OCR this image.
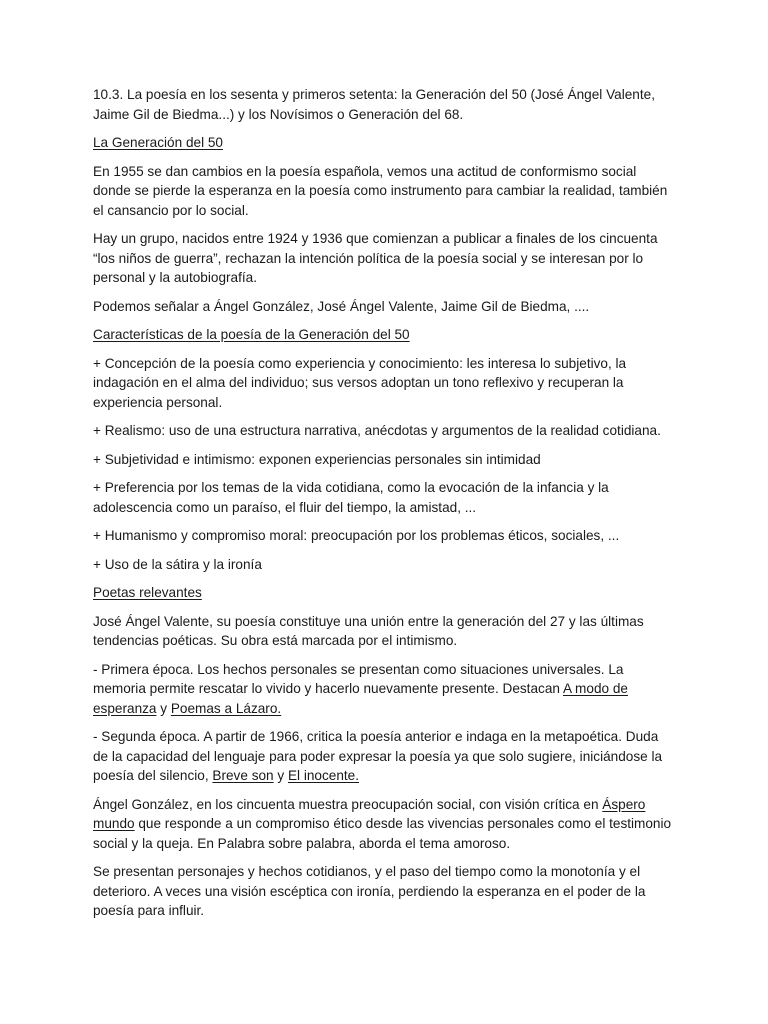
10.3. La poesía en los sesenta y primeros setenta: la Generación del 50 (José Ángel Valente, Jaime Gil de Biedma...) y los Novísimos o Generación del 68.

La Generación del 50

En 1955 se dan cambios en la poesía española, vemos una actitud de conformismo social donde se pierde la esperanza en la poesía como instrumento para cambiar la realidad, también el cansancio por lo social.

Hay un grupo, nacidos entre 1924 y 1936 que comienzan a publicar a finales de los cincuenta “los niños de guerra”, rechazan la intención política de la poesía social y se interesan por lo personal y la autobiografía.

Podemos señalar a Ángel González, José Ángel Valente, Jaime Gil de Biedma, ....

Características de la poesía de la Generación del 50

+ Concepción de la poesía como experiencia y conocimiento: les interesa lo subjetivo, la indagación en el alma del individuo; sus versos adoptan un tono reflexivo y recuperan la experiencia personal.

+ Realismo: uso de una estructura narrativa, anécdotas y argumentos de la realidad cotidiana.

+ Subjetividad e intimismo: exponen experiencias personales sin intimidad

+ Preferencia por los temas de la vida cotidiana, como la evocación de la infancia y la adolescencia como un paraíso, el fluir del tiempo, la amistad, ...

+ Humanismo y compromiso moral: preocupación por los problemas éticos, sociales, ...

+ Uso de la sátira y la ironía

Poetas relevantes

José Ángel Valente, su poesía constituye una unión entre la generación del 27 y las últimas tendencias poéticas. Su obra está marcada por el intimismo.

- Primera época. Los hechos personales se presentan como situaciones universales. La memoria permite rescatar lo vivido y hacerlo nuevamente presente. Destacan A modo de esperanza y Poemas a Lázaro.

- Segunda época. A partir de 1966, critica la poesía anterior e indaga en la metapoética. Duda de la capacidad del lenguaje para poder expresar la poesía ya que solo sugiere, iniciándose la poesía del silencio, Breve son y El inocente.

Ángel González, en los cincuenta muestra preocupación social, con visión crítica en Áspero mundo que responde a un compromiso ético desde las vivencias personales como el testimonio social y la queja. En Palabra sobre palabra, aborda el tema amoroso.

Se presentan personajes y hechos cotidianos, y el paso del tiempo como la monotonía y el deterioro. A veces una visión escéptica con ironía, perdiendo la esperanza en el poder de la poesía para influir.
